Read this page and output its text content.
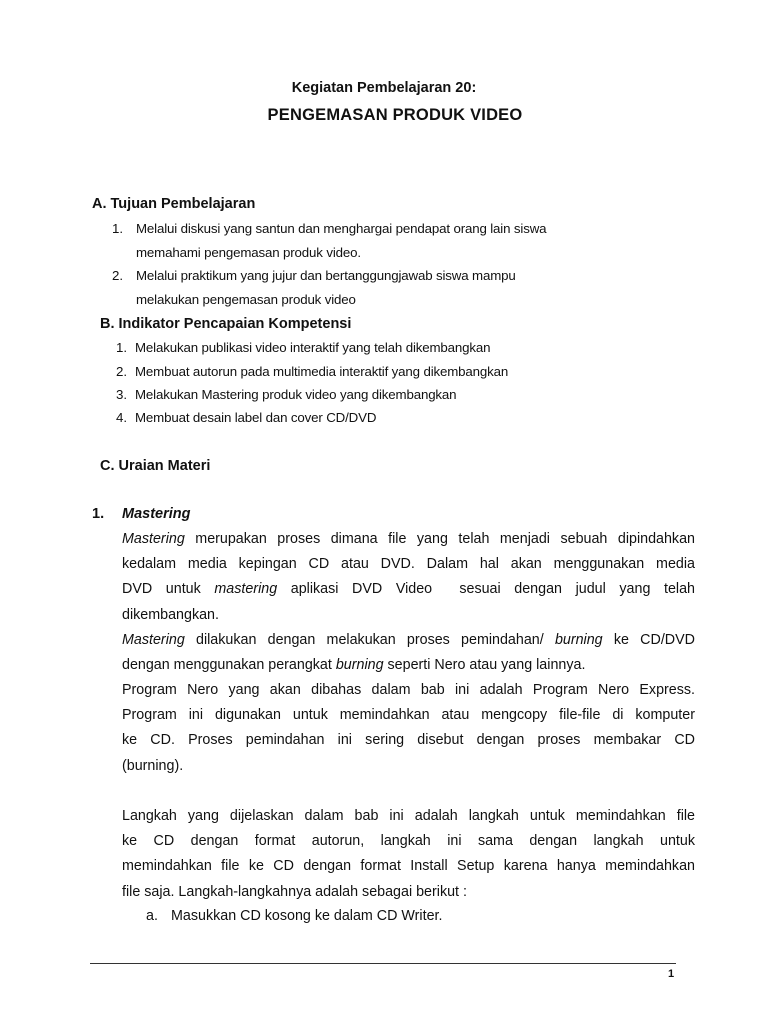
Kegiatan Pembelajaran 20:
PENGEMASAN PRODUK VIDEO
A. Tujuan Pembelajaran
1. Melalui diskusi yang santun dan menghargai pendapat orang lain siswa
memahami pengemasan produk video.
2. Melalui praktikum yang jujur dan bertanggungjawab siswa mampu
melakukan pengemasan produk video
B. Indikator Pencapaian Kompetensi
1. Melakukan publikasi video interaktif yang telah dikembangkan
2. Membuat autorun pada multimedia interaktif yang dikembangkan
3. Melakukan Mastering produk video yang dikembangkan
4. Membuat desain label dan cover CD/DVD
C. Uraian Materi
1. Mastering
Mastering merupakan proses dimana file yang telah menjadi sebuah dipindahkan
kedalam media kepingan CD atau DVD. Dalam hal akan menggunakan media
DVD untuk mastering aplikasi DVD Video  sesuai dengan judul yang telah
dikembangkan.
Mastering dilakukan dengan melakukan proses pemindahan/ burning ke CD/DVD
dengan menggunakan perangkat burning seperti Nero atau yang lainnya.
Program Nero yang akan dibahas dalam bab ini adalah Program Nero Express.
Program ini digunakan untuk memindahkan atau mengcopy file-file di komputer
ke CD. Proses pemindahan ini sering disebut dengan proses membakar CD
(burning).
Langkah yang dijelaskan dalam bab ini adalah langkah untuk memindahkan file
ke CD dengan format autorun, langkah ini sama dengan langkah untuk
memindahkan file ke CD dengan format Install Setup karena hanya memindahkan
file saja. Langkah-langkahnya adalah sebagai berikut :
a. Masukkan CD kosong ke dalam CD Writer.
1
